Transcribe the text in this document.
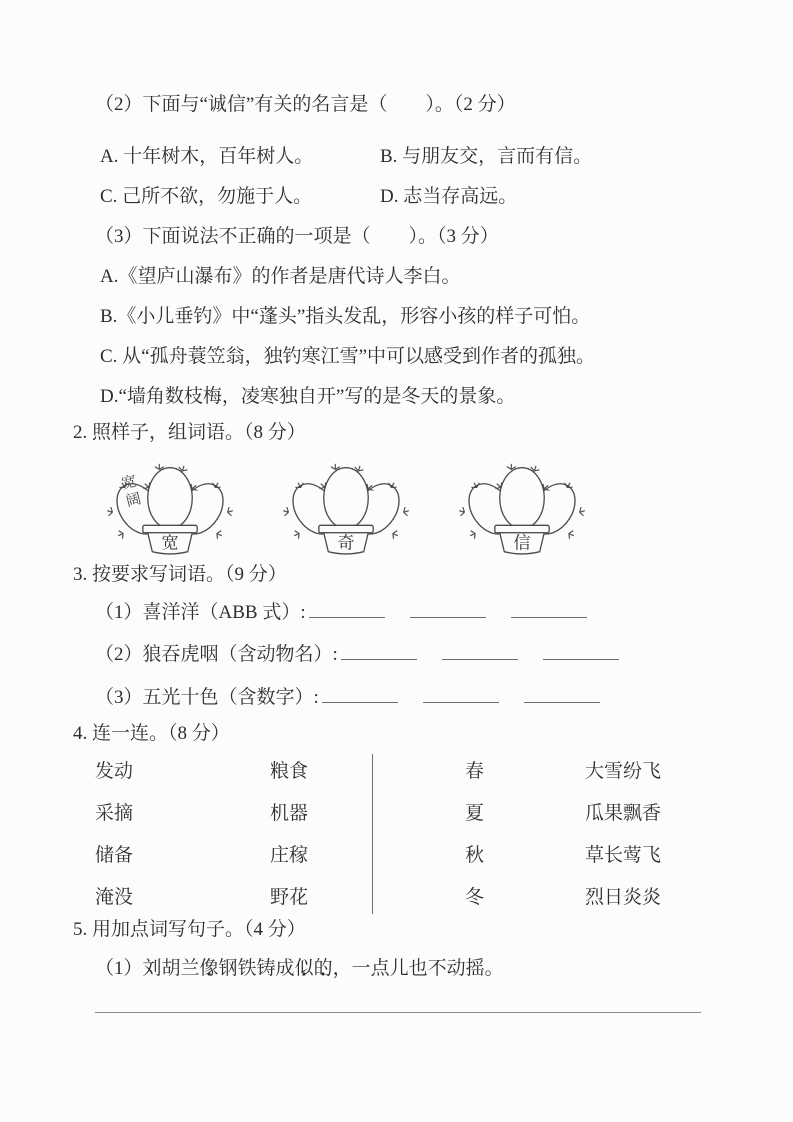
（2）下面与“诚信”有关的名言是（　　）。（2 分）
A. 十年树木，百年树人。	B. 与朋友交，言而有信。
C. 己所不欲，勿施于人。	D. 志当存高远。
（3）下面说法不正确的一项是（　　）。（3 分）
A.《望庐山瀑布》的作者是唐代诗人李白。
B.《小儿垂钓》中“蓬头”指头发乱，形容小孩的样子可怕。
C. 从“孤舟蓑笠翁，独钓寒江雪”中可以感受到作者的孤独。
D.“墙角数枝梅，凌寒独自开”写的是冬天的景象。
2. 照样子，组词语。（8 分）
宽
宽阔
奇	信
3. 按要求写词语。（9 分）
（1）喜洋洋（ABB 式）:
（2）狼吞虎咽（含动物名）:
（3）五光十色（含数字）:
4. 连一连。（8 分）
发动	粮食	春	大雪纷飞
采摘	机器	夏	瓜果飘香
储备	庄稼	秋	草长莺飞
淹没	野花	冬	烈日炎炎
5. 用加点词写句子。（4 分）
（1）刘胡兰像 ●钢铁铸成似 ●的 ●，一点儿也不动摇。
